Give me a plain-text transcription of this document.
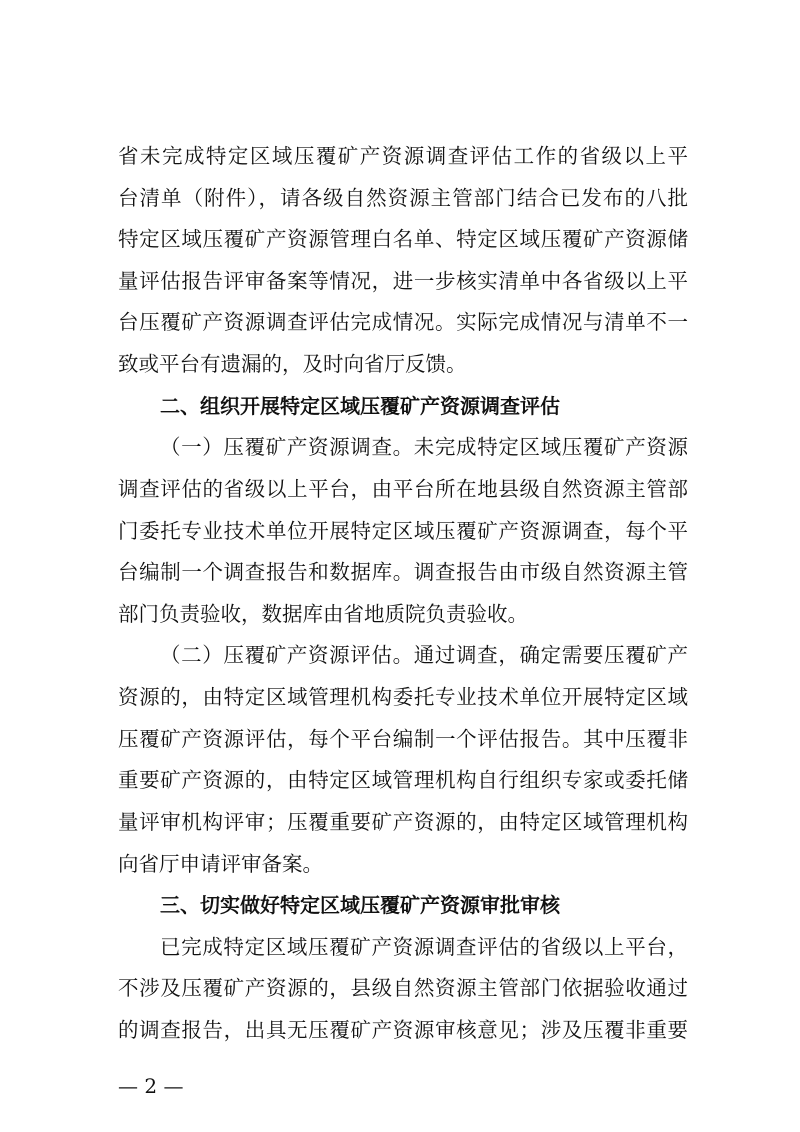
省未完成特定区域压覆矿产资源调查评估工作的省级以上平
台清单（附件），请各级自然资源主管部门结合已发布的八批
特定区域压覆矿产资源管理白名单、特定区域压覆矿产资源储
量评估报告评审备案等情况，进一步核实清单中各省级以上平
台压覆矿产资源调查评估完成情况。实际完成情况与清单不一
致或平台有遗漏的，及时向省厅反馈。
二、组织开展特定区域压覆矿产资源调查评估
（一）压覆矿产资源调查。未完成特定区域压覆矿产资源
调查评估的省级以上平台，由平台所在地县级自然资源主管部
门委托专业技术单位开展特定区域压覆矿产资源调查，每个平
台编制一个调查报告和数据库。调查报告由市级自然资源主管
部门负责验收，数据库由省地质院负责验收。
（二）压覆矿产资源评估。通过调查，确定需要压覆矿产
资源的，由特定区域管理机构委托专业技术单位开展特定区域
压覆矿产资源评估，每个平台编制一个评估报告。其中压覆非
重要矿产资源的，由特定区域管理机构自行组织专家或委托储
量评审机构评审；压覆重要矿产资源的，由特定区域管理机构
向省厅申请评审备案。
三、切实做好特定区域压覆矿产资源审批审核
已完成特定区域压覆矿产资源调查评估的省级以上平台，
不涉及压覆矿产资源的，县级自然资源主管部门依据验收通过
的调查报告，出具无压覆矿产资源审核意见；涉及压覆非重要
— 2 —
